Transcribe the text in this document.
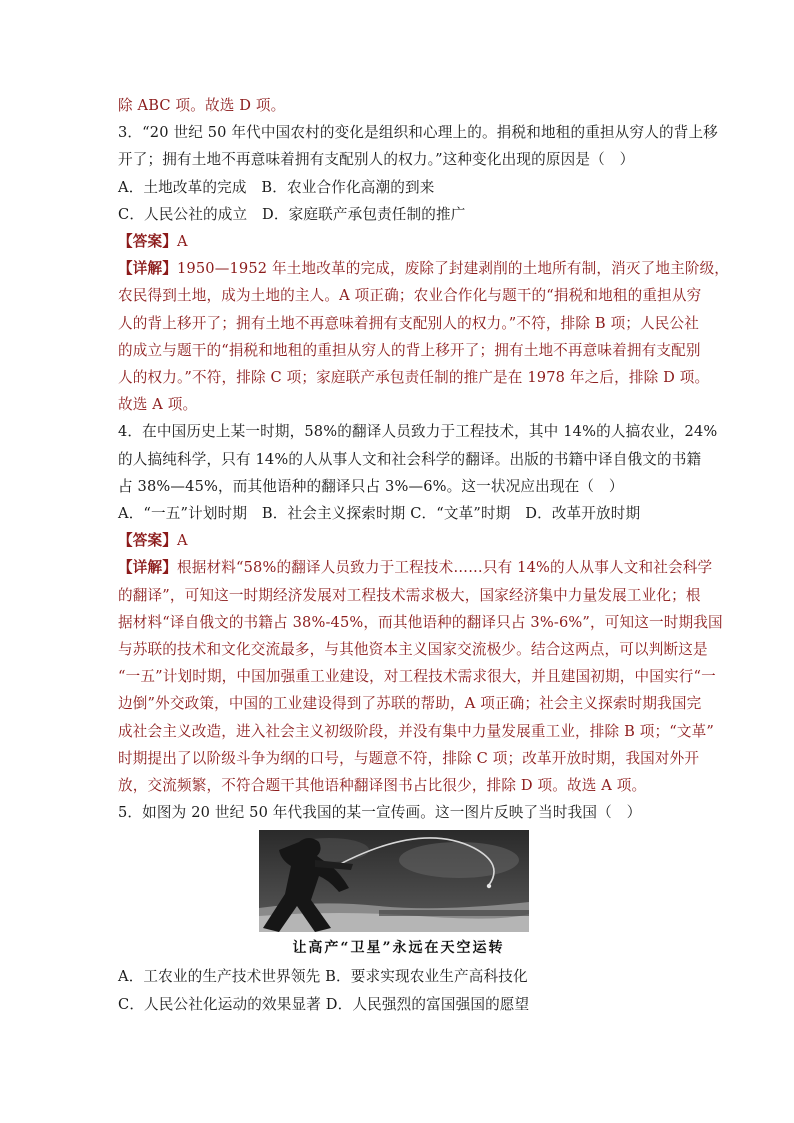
除 ABC 项。故选 D 项。
3．“20 世纪 50 年代中国农村的变化是组织和心理上的。捐税和地租的重担从穷人的背上移
开了；拥有土地不再意味着拥有支配别人的权力。”这种变化出现的原因是（　）
A．土地改革的完成　B．农业合作化高潮的到来
C．人民公社的成立　D．家庭联产承包责任制的推广
【答案】A
【详解】1950—1952 年土地改革的完成，废除了封建剥削的土地所有制，消灭了地主阶级，
农民得到土地，成为土地的主人。A 项正确；农业合作化与题干的“捐税和地租的重担从穷
人的背上移开了；拥有土地不再意味着拥有支配别人的权力。”不符，排除 B 项；人民公社
的成立与题干的“捐税和地租的重担从穷人的背上移开了；拥有土地不再意味着拥有支配别
人的权力。”不符，排除 C 项；家庭联产承包责任制的推广是在 1978 年之后，排除 D 项。
故选 A 项。
4．在中国历史上某一时期，58%的翻译人员致力于工程技术，其中 14%的人搞农业，24%
的人搞纯科学，只有 14%的人从事人文和社会科学的翻译。出版的书籍中译自俄文的书籍
占 38%—45%，而其他语种的翻译只占 3%—6%。这一状况应出现在（　）
A．“一五”计划时期　B．社会主义探索时期 C．“文革”时期　D．改革开放时期
【答案】A
【详解】根据材料“58%的翻译人员致力于工程技术……只有 14%的人从事人文和社会科学
的翻译”，可知这一时期经济发展对工程技术需求极大，国家经济集中力量发展工业化；根
据材料“译自俄文的书籍占 38%-45%，而其他语种的翻译只占 3%-6%”，可知这一时期我国
与苏联的技术和文化交流最多，与其他资本主义国家交流极少。结合这两点，可以判断这是
“一五”计划时期，中国加强重工业建设，对工程技术需求很大，并且建国初期，中国实行“一
边倒”外交政策，中国的工业建设得到了苏联的帮助，A 项正确；社会主义探索时期我国完
成社会主义改造，进入社会主义初级阶段，并没有集中力量发展重工业，排除 B 项；“文革”
时期提出了以阶级斗争为纲的口号，与题意不符，排除 C 项；改革开放时期，我国对外开
放，交流频繁，不符合题干其他语种翻译图书占比很少，排除 D 项。故选 A 项。
5．如图为 20 世纪 50 年代我国的某一宣传画。这一图片反映了当时我国（　）
让高产“卫星”永远在天空运转
A．工农业的生产技术世界领先 B．要求实现农业生产高科技化
C．人民公社化运动的效果显著 D．人民强烈的富国强国的愿望
